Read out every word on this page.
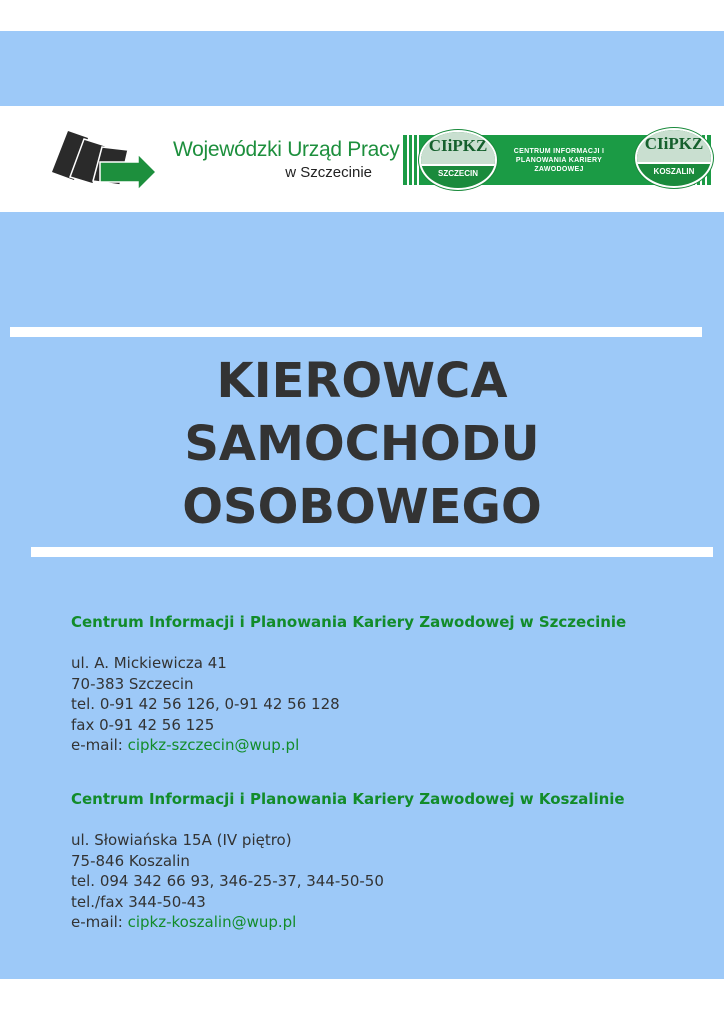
Wojewódzki Urząd Pracy
w Szczecinie
CENTRUM INFORMACJI I PLANOWANIA KARIERY ZAWODOWEJ
CIiPKZ
SZCZECIN
CIiPKZ
KOSZALIN
KIEROWCA
SAMOCHODU
OSOBOWEGO
Centrum Informacji i Planowania Kariery Zawodowej w Szczecinie
ul. A. Mickiewicza 41
70-383 Szczecin
tel. 0-91 42 56 126, 0-91 42 56 128
fax 0-91 42 56 125
e-mail: cipkz-szczecin@wup.pl
Centrum Informacji i Planowania Kariery Zawodowej w Koszalinie
ul. Słowiańska 15A (IV piętro)
75-846 Koszalin
tel. 094 342 66 93, 346-25-37, 344-50-50
tel./fax 344-50-43
e-mail: cipkz-koszalin@wup.pl
